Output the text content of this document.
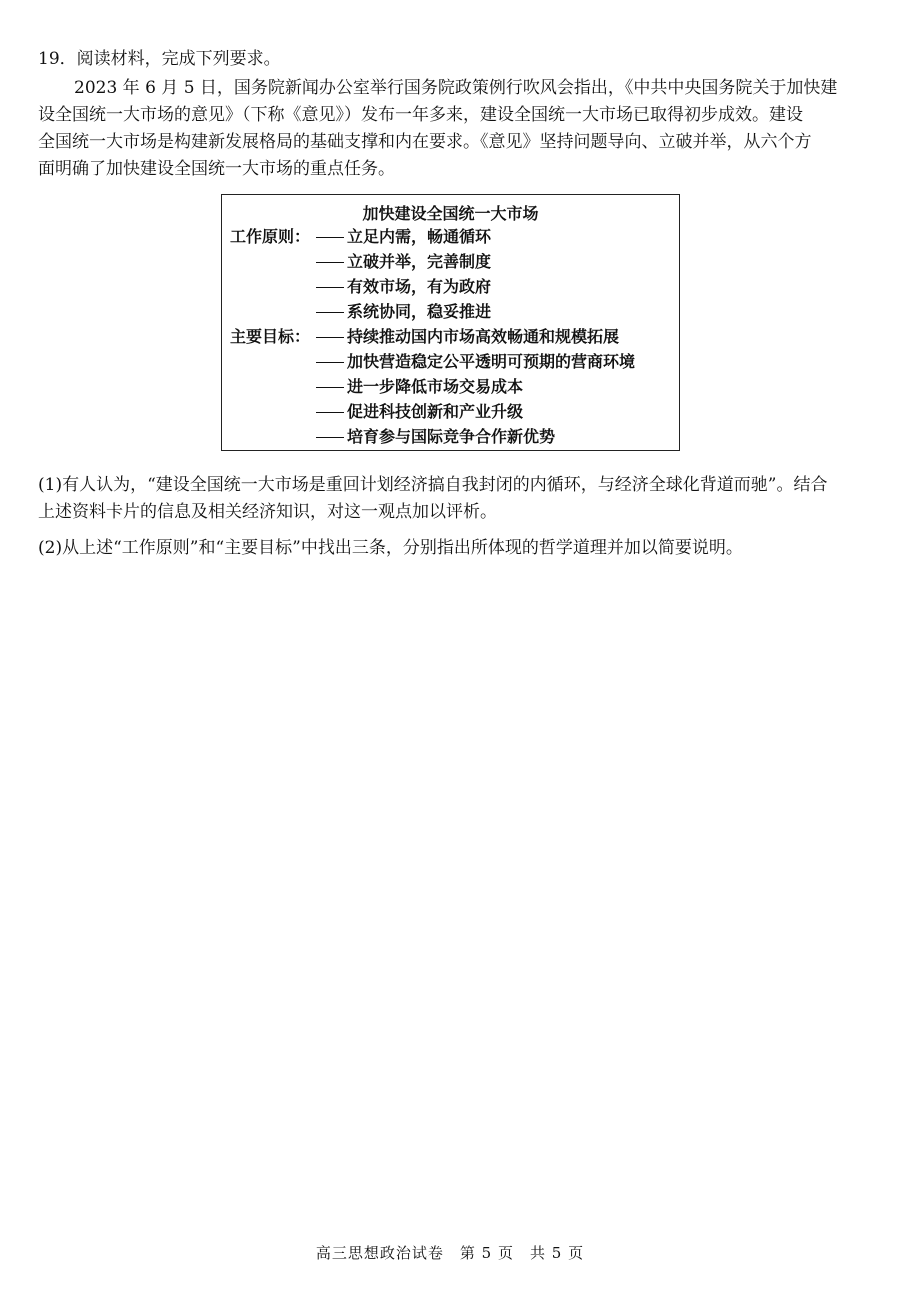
19．阅读材料，完成下列要求。
2023 年 6 月 5 日，国务院新闻办公室举行国务院政策例行吹风会指出，《中共中央国务院关于加快建
设全国统一大市场的意见》（下称《意见》）发布一年多来，建设全国统一大市场已取得初步成效。建设
全国统一大市场是构建新发展格局的基础支撑和内在要求。《意见》坚持问题导向、立破并举，从六个方
面明确了加快建设全国统一大市场的重点任务。
加快建设全国统一大市场
工作原则： 立足内需，畅通循环
立破并举，完善制度
有效市场，有为政府
系统协同，稳妥推进
主要目标： 持续推动国内市场高效畅通和规模拓展
加快营造稳定公平透明可预期的营商环境
进一步降低市场交易成本
促进科技创新和产业升级
培育参与国际竞争合作新优势
(1)有人认为，“建设全国统一大市场是重回计划经济搞自我封闭的内循环，与经济全球化背道而驰”。结合
上述资料卡片的信息及相关经济知识，对这一观点加以评析。
(2)从上述“工作原则”和“主要目标”中找出三条，分别指出所体现的哲学道理并加以简要说明。
高三思想政治试卷　第 5 页　共 5 页
